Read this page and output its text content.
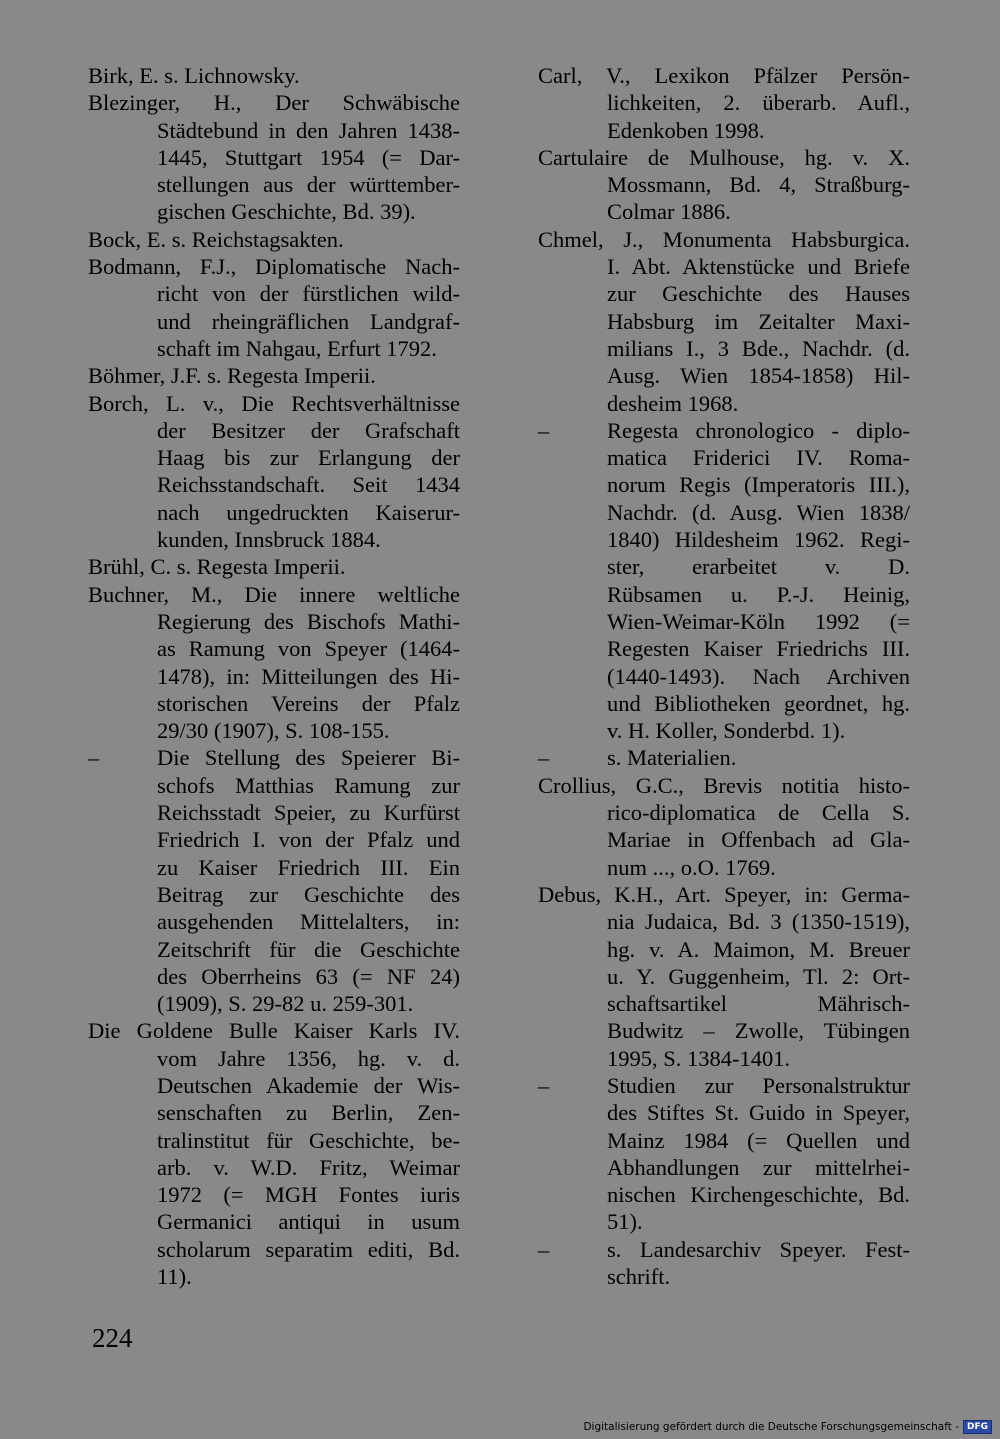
Birk, E. s. Lichnowsky.
Blezinger, H., Der Schwäbische
Städtebund in den Jahren 1438-
1445, Stuttgart 1954 (= Dar-
stellungen aus der württember-
gischen Geschichte, Bd. 39).
Bock, E. s. Reichstagsakten.
Bodmann, F.J., Diplomatische Nach-
richt von der fürstlichen wild-
und rheingräflichen Landgraf-
schaft im Nahgau, Erfurt 1792.
Böhmer, J.F. s. Regesta Imperii.
Borch, L. v., Die Rechtsverhältnisse
der Besitzer der Grafschaft
Haag bis zur Erlangung der
Reichsstandschaft. Seit 1434
nach ungedruckten Kaiserur-
kunden, Innsbruck 1884.
Brühl, C. s. Regesta Imperii.
Buchner, M., Die innere weltliche
Regierung des Bischofs Mathi-
as Ramung von Speyer (1464-
1478), in: Mitteilungen des Hi-
storischen Vereins der Pfalz
29/30 (1907), S. 108-155.
–	Die Stellung des Speierer Bi-
schofs Matthias Ramung zur
Reichsstadt Speier, zu Kurfürst
Friedrich I. von der Pfalz und
zu Kaiser Friedrich III. Ein
Beitrag zur Geschichte des
ausgehenden Mittelalters, in:
Zeitschrift für die Geschichte
des Oberrheins 63 (= NF 24)
(1909), S. 29-82 u. 259-301.
Die Goldene Bulle Kaiser Karls IV.
vom Jahre 1356, hg. v. d.
Deutschen Akademie der Wis-
senschaften zu Berlin, Zen-
tralinstitut für Geschichte, be-
arb. v. W.D. Fritz, Weimar
1972 (= MGH Fontes iuris
Germanici antiqui in usum
scholarum separatim editi, Bd.
11).
Carl, V., Lexikon Pfälzer Persön-
lichkeiten, 2. überarb. Aufl.,
Edenkoben 1998.
Cartulaire de Mulhouse, hg. v. X.
Mossmann, Bd. 4, Straßburg-
Colmar 1886.
Chmel, J., Monumenta Habsburgica.
I. Abt. Aktenstücke und Briefe
zur Geschichte des Hauses
Habsburg im Zeitalter Maxi-
milians I., 3 Bde., Nachdr. (d.
Ausg. Wien 1854-1858) Hil-
desheim 1968.
–	Regesta chronologico - diplo-
matica Friderici IV. Roma-
norum Regis (Imperatoris III.),
Nachdr. (d. Ausg. Wien 1838/
1840) Hildesheim 1962. Regi-
ster, erarbeitet v. D.
Rübsamen u. P.-J. Heinig,
Wien-Weimar-Köln 1992 (=
Regesten Kaiser Friedrichs III.
(1440-1493). Nach Archiven
und Bibliotheken geordnet, hg.
v. H. Koller, Sonderbd. 1).
–	s. Materialien.
Crollius, G.C., Brevis notitia histo-
rico-diplomatica de Cella S.
Mariae in Offenbach ad Gla-
num ..., o.O. 1769.
Debus, K.H., Art. Speyer, in: Germa-
nia Judaica, Bd. 3 (1350-1519),
hg. v. A. Maimon, M. Breuer
u. Y. Guggenheim, Tl. 2: Ort-
schaftsartikel Mährisch-
Budwitz – Zwolle, Tübingen
1995, S. 1384-1401.
–	Studien zur Personalstruktur
des Stiftes St. Guido in Speyer,
Mainz 1984 (= Quellen und
Abhandlungen zur mittelrhei-
nischen Kirchengeschichte, Bd.
51).
–	s. Landesarchiv Speyer. Fest-
schrift.
224
Digitalisierung gefördert durch die Deutsche Forschungsgemeinschaft - DFG
